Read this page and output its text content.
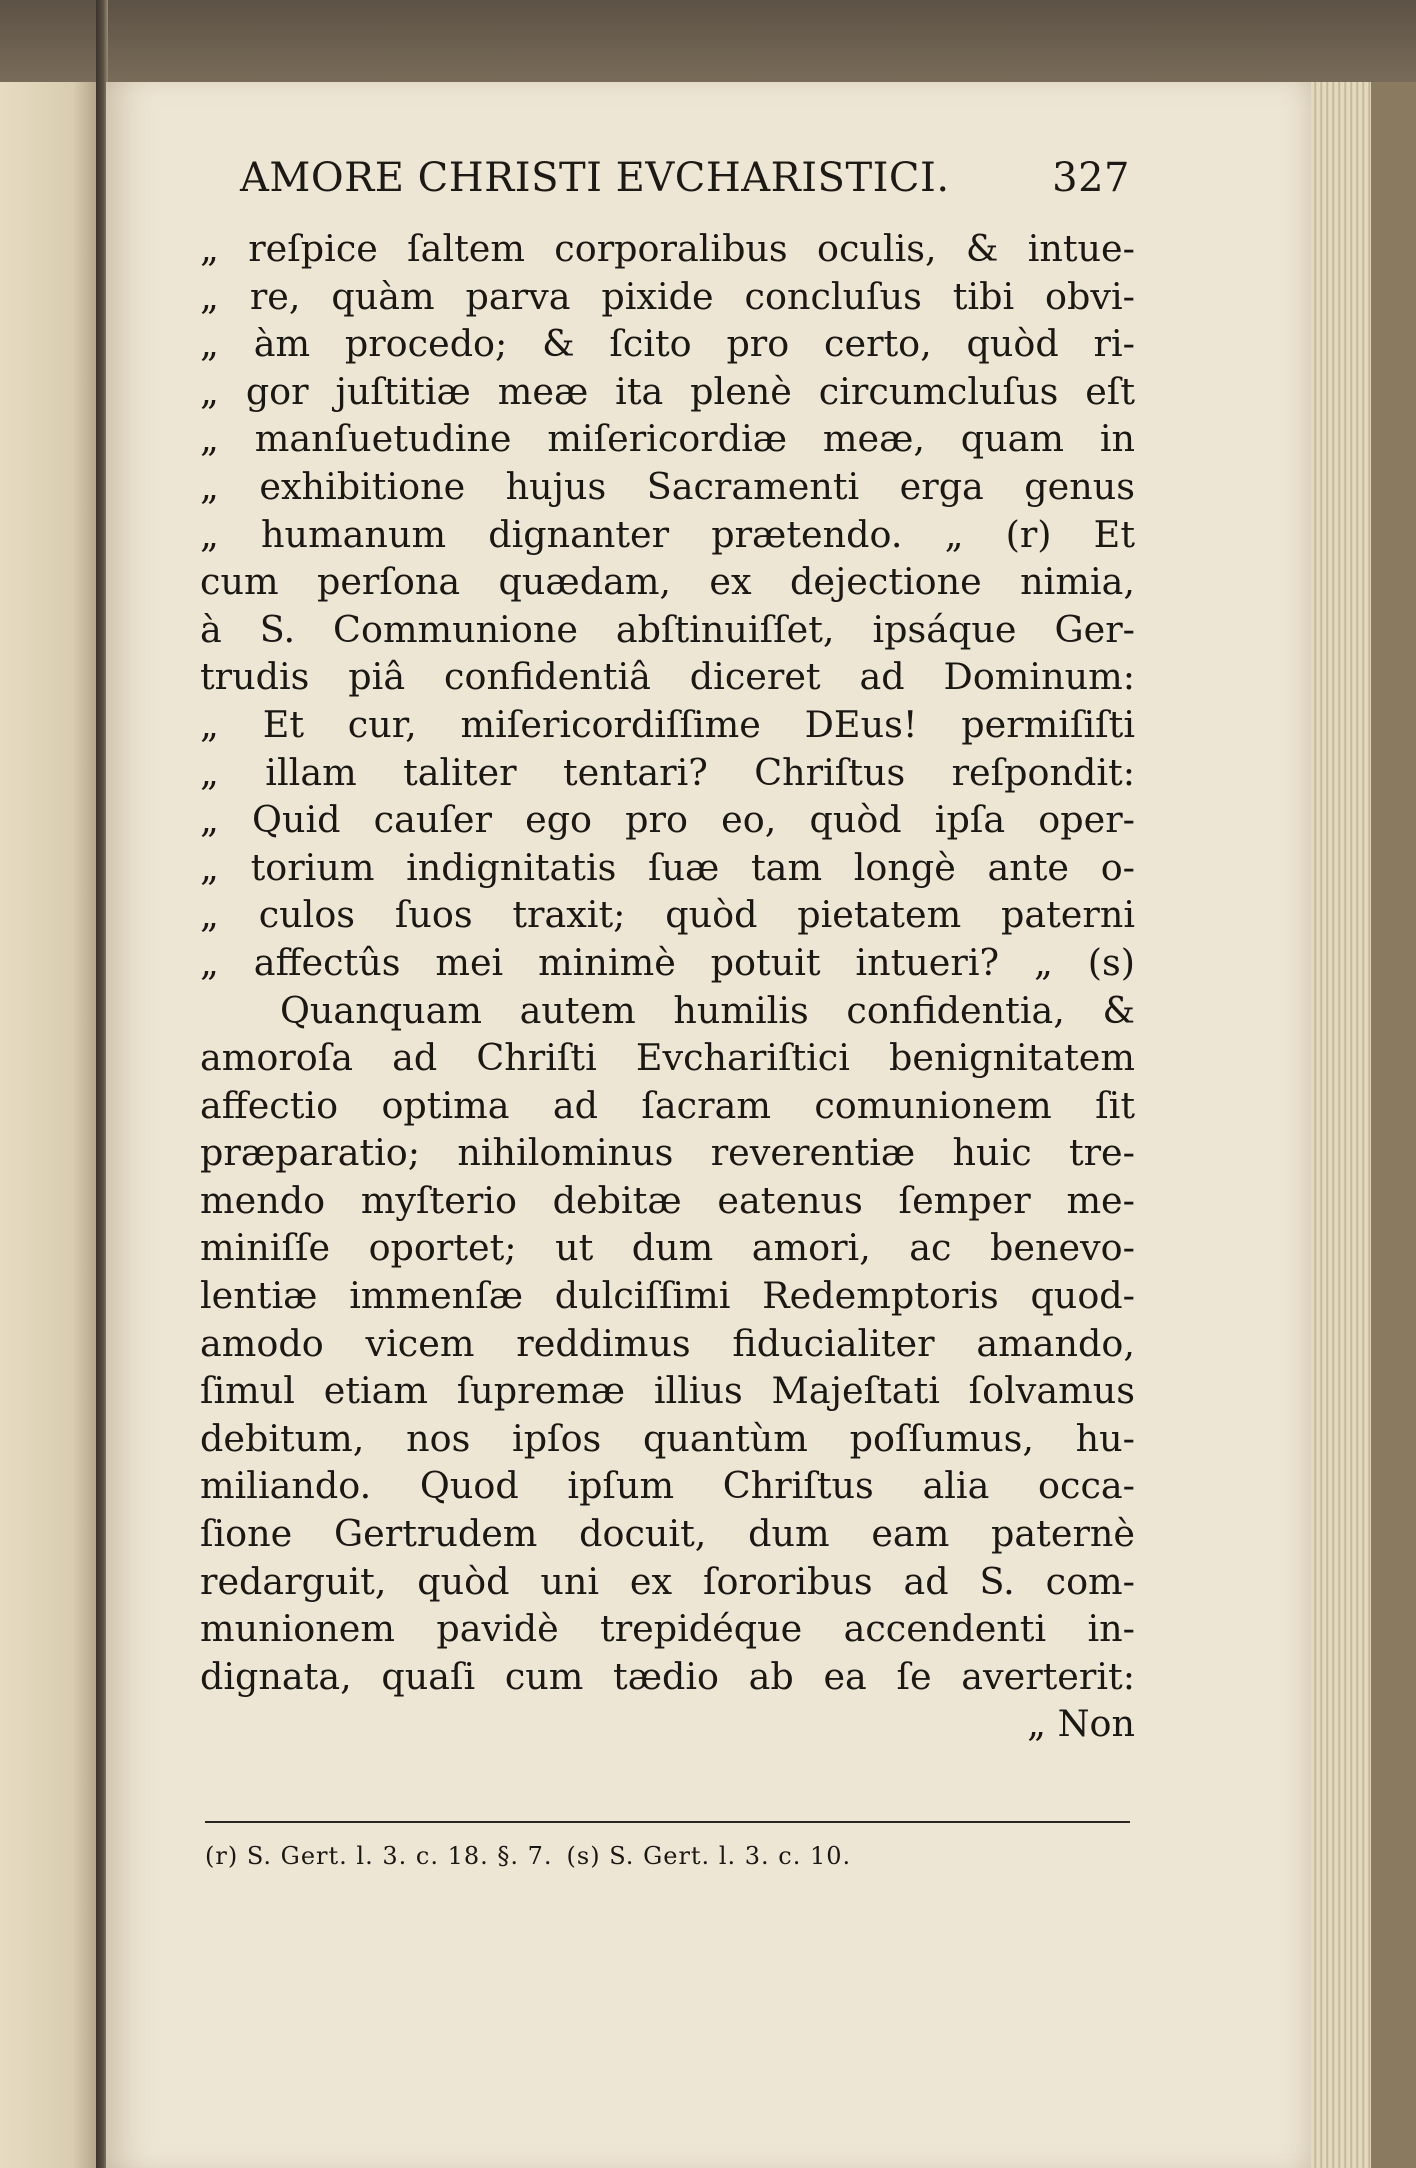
AMORE CHRISTI EVCHARISTICI.	327
„ reſpice ſaltem corporalibus oculis, & intue-
„ re, quàm parva pixide concluſus tibi obvi-
„ àm procedo; & ſcito pro certo, quòd ri-
„ gor juſtitiæ meæ ita plenè circumcluſus eſt
„ manſuetudine miſericordiæ meæ, quam in
„ exhibitione hujus Sacramenti erga genus
„ humanum dignanter prætendo. „ (r) Et
cum perſona quædam, ex dejectione nimia,
à S. Communione abſtinuiſſet, ipsáque Ger-
trudis piâ confidentiâ diceret ad Dominum:
„ Et cur, miſericordiſſime DEus! permiſiſti
„ illam taliter tentari? Chriſtus reſpondit:
„ Quid cauſer ego pro eo, quòd ipſa oper-
„ torium indignitatis ſuæ tam longè ante o-
„ culos ſuos traxit; quòd pietatem paterni
„ affectûs mei minimè potuit intueri? „ (s)
Quanquam autem humilis confidentia, &
amoroſa ad Chriſti Evchariſtici benignitatem
affectio optima ad ſacram comunionem ſit
præparatio; nihilominus reverentiæ huic tre-
mendo myſterio debitæ eatenus ſemper me-
miniſſe oportet; ut dum amori, ac benevo-
lentiæ immenſæ dulciſſimi Redemptoris quod-
amodo vicem reddimus fiducialiter amando,
ſimul etiam ſupremæ illius Majeſtati ſolvamus
debitum, nos ipſos quantùm poſſumus, hu-
miliando. Quod ipſum Chriſtus alia occa-
ſione Gertrudem docuit, dum eam paternè
redarguit, quòd uni ex ſororibus ad S. com-
munionem pavidè trepidéque accendenti in-
dignata, quaſi cum tædio ab ea ſe averterit:
„ Non
(r) S. Gert. l. 3. c. 18. §. 7. (s) S. Gert. l. 3. c. 10.
